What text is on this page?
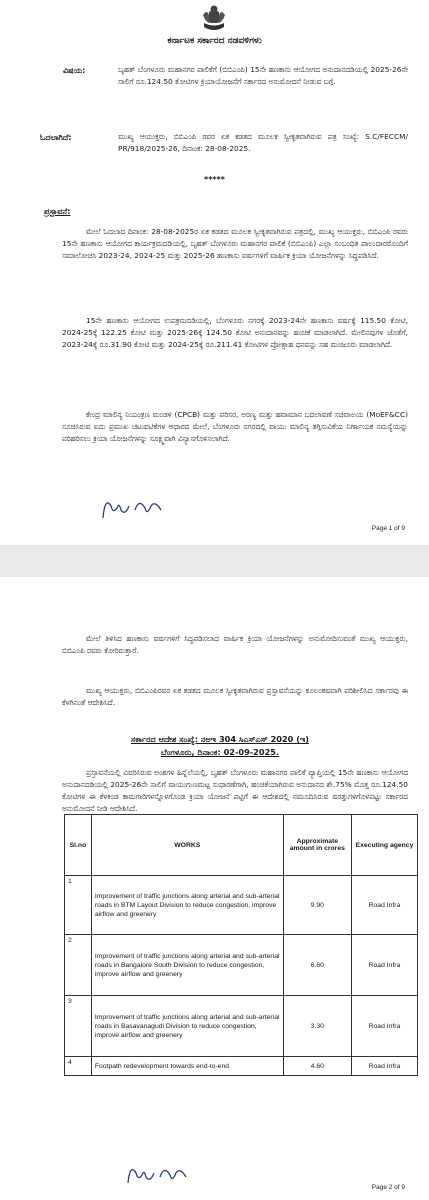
ಕರ್ನಾಟಕ ಸರ್ಕಾರದ ನಡವಳಿಗಳು
ವಿಷಯ:	ಬೃಹತ್ ಬೆಂಗಳೂರು ಮಹಾನಗರ ಪಾಲಿಕೆಗೆ (ಬಿಬಿಎಂಪಿ) 15ನೇ ಹಣಕಾಸು ಆಯೋಗದ ಅನುದಾನದಡಿಯಲ್ಲಿ 2025-26ನೇ ಸಾಲಿಗೆ ರೂ.124.50 ಕೋಟಿಗಳ ಕ್ರಿಯಾಯೋಜನೆಗೆ ಸರ್ಕಾರದ ಅನುಮೋದನೆ ನೀಡುವ ಬಗ್ಗೆ.
ಓದಲಾಗಿದೆ:	ಮುಖ್ಯ ಆಯುಕ್ತರು, ಬಿಬಿಎಂಪಿ ರವರ ಏಕ ಕಡತದ ಮೂಲಕ ಸ್ವೀಕೃತವಾಗಿರುವ ಪತ್ರ ಸಂಖ್ಯೆ: S.C/FECCM/ PR/918/2025-26, ದಿನಾಂಕ: 28-08-2025.
*****
ಪ್ರಸ್ತಾವನೆ:
ಮೇಲೆ ಓದಲಾದ ದಿನಾಂಕ: 28-08-2025ರ ಏಕ ಕಡತದ ಮೂಲಕ ಸ್ವೀಕೃತವಾಗಿರುವ ಪತ್ರದಲ್ಲಿ, ಮುಖ್ಯ ಆಯುಕ್ತರು, ಬಿಬಿಎಂಪಿ ರವರು 15ನೇ ಹಣಕಾಸು ಆಯೋಗದ ಕಾರ್ಯಕ್ರಮದಡಿಯಲ್ಲಿ, ಬೃಹತ್ ಬೆಂಗಳೂರು ಮಹಾನಗರ ಪಾಲಿಕೆ (ಬಿಬಿಎಂಪಿ) ಎಲ್ಲಾ ಸಂಬಂಧಿತ ಪಾಲುದಾರರೊಂದಿಗೆ ಸಮಾಲೋಚಿಸಿ 2023-24, 2024-25 ಮತ್ತು 2025-26 ಹಣಕಾಸು ವರ್ಷಗಳಿಗೆ ವಾರ್ಷಿಕ ಕ್ರಿಯಾ ಯೋಜನೆಗಳನ್ನು ಸಿದ್ಧಪಡಿಸಿದೆ.
15ನೇ ಹಣಕಾಸು ಆಯೋಗದ ಉಪಕ್ರಮದಡಿಯಲ್ಲಿ, ಬೆಂಗಳೂರು ನಗರಕ್ಕೆ 2023-24ನೇ ಹಣಕಾಸು ವರ್ಷಕ್ಕೆ 115.50 ಕೋಟಿ, 2024-25ಕ್ಕೆ 122.25 ಕೋಟಿ ಮತ್ತು 2025-26ಕ್ಕೆ 124.50 ಕೋಟಿ ಅನುದಾನವನ್ನು ಹಂಚಿಕೆ ಮಾಡಲಾಗಿದೆ. ಮೇಲಿನವುಗಳ ಜೊತೆಗೆ, 2023-24ಕ್ಕೆ ರೂ.31.90 ಕೋಟಿ ಮತ್ತು 2024-25ಕ್ಕೆ ರೂ.211.41 ಕೋಟಿಗಳ ಪ್ರೋತ್ಸಾಹ ಧನವನ್ನು ಸಹ ಮಂಜೂರು ಮಾಡಲಾಗಿದೆ.
ಕೇಂದ್ರ ಮಾಲಿನ್ಯ ನಿಯಂತ್ರಣ ಮಂಡಳಿ (CPCB) ಮತ್ತು ಪರಿಸರ, ಅರಣ್ಯ ಮತ್ತು ಹವಾಮಾನ ಬದಲಾವಣೆ ಸಚಿವಾಲಯ (MoEF&CC) ಸೂಚಿಸಿರುವ ಐದು ಪ್ರಮುಖ ಚಟುವಟಿಕೆಗಳ ಆಧಾರದ ಮೇಲೆ, ಬೆಂಗಳೂರು ನಗರದಲ್ಲಿ ವಾಯು ಮಾಲಿನ್ಯ ತಗ್ಗಿಸುವಿಕೆಯ ನಿರ್ಣಾಯಕ ಸಮಸ್ಯೆಯನ್ನು ಪರಿಹರಿಸಲು ಕ್ರಿಯಾ ಯೋಜನೆಗಳನ್ನು ಸೂಕ್ಷ್ಮವಾಗಿ ವಿನ್ಯಾಸಗೊಳಿಸಲಾಗಿದೆ.
Page 1 of 9
ಮೇಲೆ ತಿಳಿಸಿದ ಹಣಕಾಸು ವರ್ಷಗಳಿಗೆ ಸಿದ್ಧಪಡಿಸಲಾದ ವಾರ್ಷಿಕ ಕ್ರಿಯಾ ಯೋಜನೆಗಳನ್ನು ಅನುಮೋದಿಸುವಂತೆ ಮುಖ್ಯ ಆಯುಕ್ತರು, ಬಿಬಿಎಂಪಿ ರವರು ಕೋರಿರುತ್ತಾರೆ.
ಮುಖ್ಯ ಆಯುಕ್ತರು, ಬಿಬಿಎಂಪಿರವರ ಏಕ ಕಡತದ ಮೂಲಕ ಸ್ವೀಕೃತವಾಗಿರುವ ಪ್ರಸ್ತಾವನೆಯನ್ನು ಕೂಲಂಕಷವಾಗಿ ಪರಿಶೀಲಿಸಿದ ಸರ್ಕಾರವು ಈ ಕೆಳಗಿನಂತೆ ಆದೇಶಿಸಿದೆ.
ಸರ್ಕಾರದ ಆದೇಶ ಸಂಖ್ಯೆ: ನಅಇ 304 ಸಿಎಸ್ಎಸ್ 2020 (ಇ)
ಬೆಂಗಳೂರು, ದಿನಾಂಕ: 02-09-2025.
ಪ್ರಸ್ತಾವನೆಯಲ್ಲಿ ವಿವರಿಸಿರುವ ಅಂಶಗಳ ಹಿನ್ನೆಲೆಯಲ್ಲಿ, ಬೃಹತ್ ಬೆಂಗಳೂರು ಮಹಾನಗರ ಪಾಲಿಕೆ ವ್ಯಾಪ್ತಿಯಲ್ಲಿ 15ನೇ ಹಣಕಾಸು ಆಯೋಗದ ಅನುದಾನದಡಿಯಲ್ಲಿ 2025-26ನೇ ಸಾಲಿಗೆ ವಾಯುಗುಣಮಟ್ಟ ಸುಧಾರಣೆಗಾಗಿ, ಹಂಚಿಕೆಯಾಗಿರುವ ಅನುದಾನದ ಶೇ.75% ಮೊತ್ತ ರೂ.124.50 ಕೋಟಿಗಳ ಈ ಕೆಳಕಂಡ ಕಾಮಗಾರಿಗಳನ್ನೊಳಗೊಂಡ ಕ್ರಿಯಾ ಯೋಜನೆ ಪಟ್ಟಿಗೆ ಈ ಆದೇಶದಲ್ಲಿ ನಮೂದಿಸಿರುವ ಷರತ್ತುಗಳಿಗೊಳಪಟ್ಟು ಸರ್ಕಾರದ ಅನುಮೋದನೆ ನೀಡಿ ಆದೇಶಿಸಿದೆ.
Sl.no	WORKS	Approximate amount in crores	Executing agency
1	Improvement of traffic junctions along arterial and sub-arterial roads in BTM Layout Division to reduce congestion, improve airflow and greenery	9.90	Road Infra
2	Improvement of traffic junctions along arterial and sub-arterial roads in Bangalore South Division to reduce congestion, improve airflow and greenery	6.60	Road Infra
3	Improvement of traffic junctions along arterial and sub-arterial roads in Basavanagudi Division to reduce congestion, improve airflow and greenery	3.30	Road Infra
4	Footpath redevelopment towards end-to-end	4.60	Road Infra
Page 2 of 9
